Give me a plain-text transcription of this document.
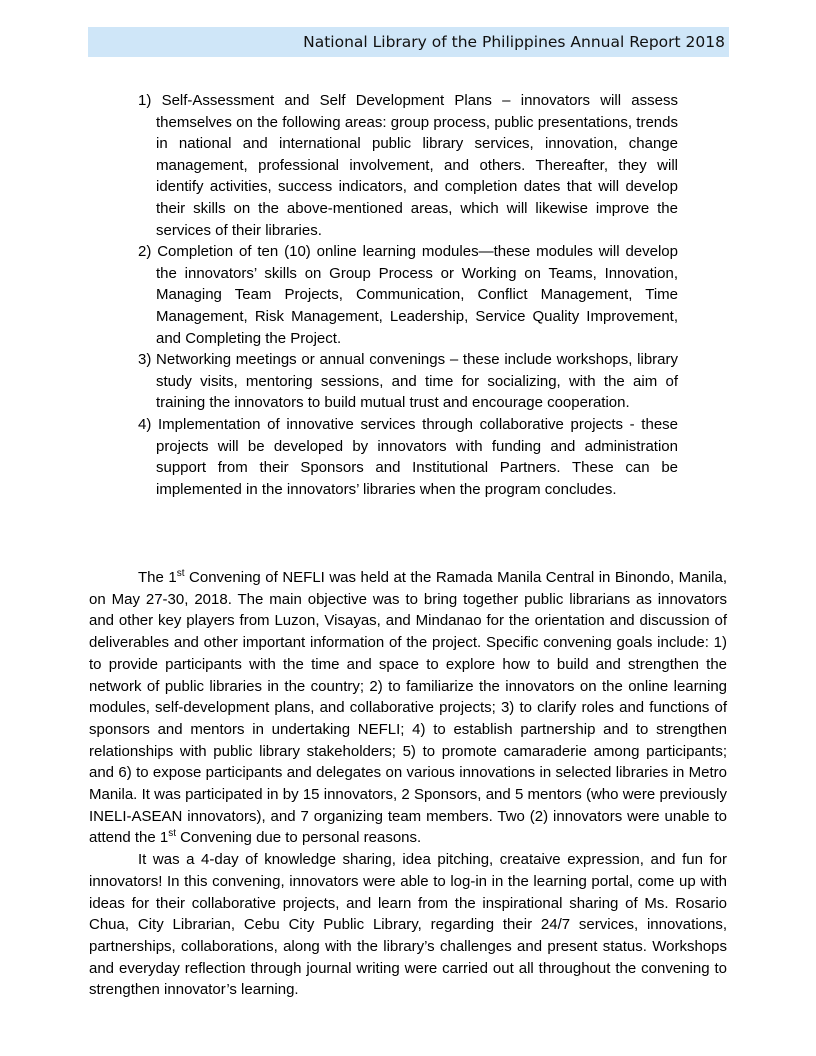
National Library of the Philippines Annual Report 2018
1) Self-Assessment and Self Development Plans – innovators will assess themselves on the following areas: group process, public presentations, trends in national and international public library services, innovation, change management, professional involvement, and others. Thereafter, they will identify activities, success indicators, and completion dates that will develop their skills on the above-mentioned areas, which will likewise improve the services of their libraries.
2) Completion of ten (10) online learning modules—these modules will develop the innovators’ skills on Group Process or Working on Teams, Innovation, Managing Team Projects, Communication, Conflict Management, Time Management, Risk Management, Leadership, Service Quality Improvement, and Completing the Project.
3) Networking meetings or annual convenings – these include workshops, library study visits, mentoring sessions, and time for socializing, with the aim of training the innovators to build mutual trust and encourage cooperation.
4) Implementation of innovative services through collaborative projects - these projects will be developed by innovators with funding and administration support from their Sponsors and Institutional Partners. These can be implemented in the innovators’ libraries when the program concludes.

The 1st Convening of NEFLI was held at the Ramada Manila Central in Binondo, Manila, on May 27-30, 2018. The main objective was to bring together public librarians as innovators and other key players from Luzon, Visayas, and Mindanao for the orientation and discussion of deliverables and other important information of the project. Specific convening goals include: 1) to provide participants with the time and space to explore how to build and strengthen the network of public libraries in the country; 2) to familiarize the innovators on the online learning modules, self-development plans, and collaborative projects; 3) to clarify roles and functions of sponsors and mentors in undertaking NEFLI; 4) to establish partnership and to strengthen relationships with public library stakeholders; 5) to promote camaraderie among participants; and 6) to expose participants and delegates on various innovations in selected libraries in Metro Manila. It was participated in by 15 innovators, 2 Sponsors, and 5 mentors (who were previously INELI-ASEAN innovators), and 7 organizing team members. Two (2) innovators were unable to attend the 1st Convening due to personal reasons.

It was a 4-day of knowledge sharing, idea pitching, creataive expression, and fun for innovators! In this convening, innovators were able to log-in in the learning portal, come up with ideas for their collaborative projects, and learn from the inspirational sharing of Ms. Rosario Chua, City Librarian, Cebu City Public Library, regarding their 24/7 services, innovations, partnerships, collaborations, along with the library’s challenges and present status. Workshops and everyday reflection through journal writing were carried out all throughout the convening to strengthen innovator’s learning.
